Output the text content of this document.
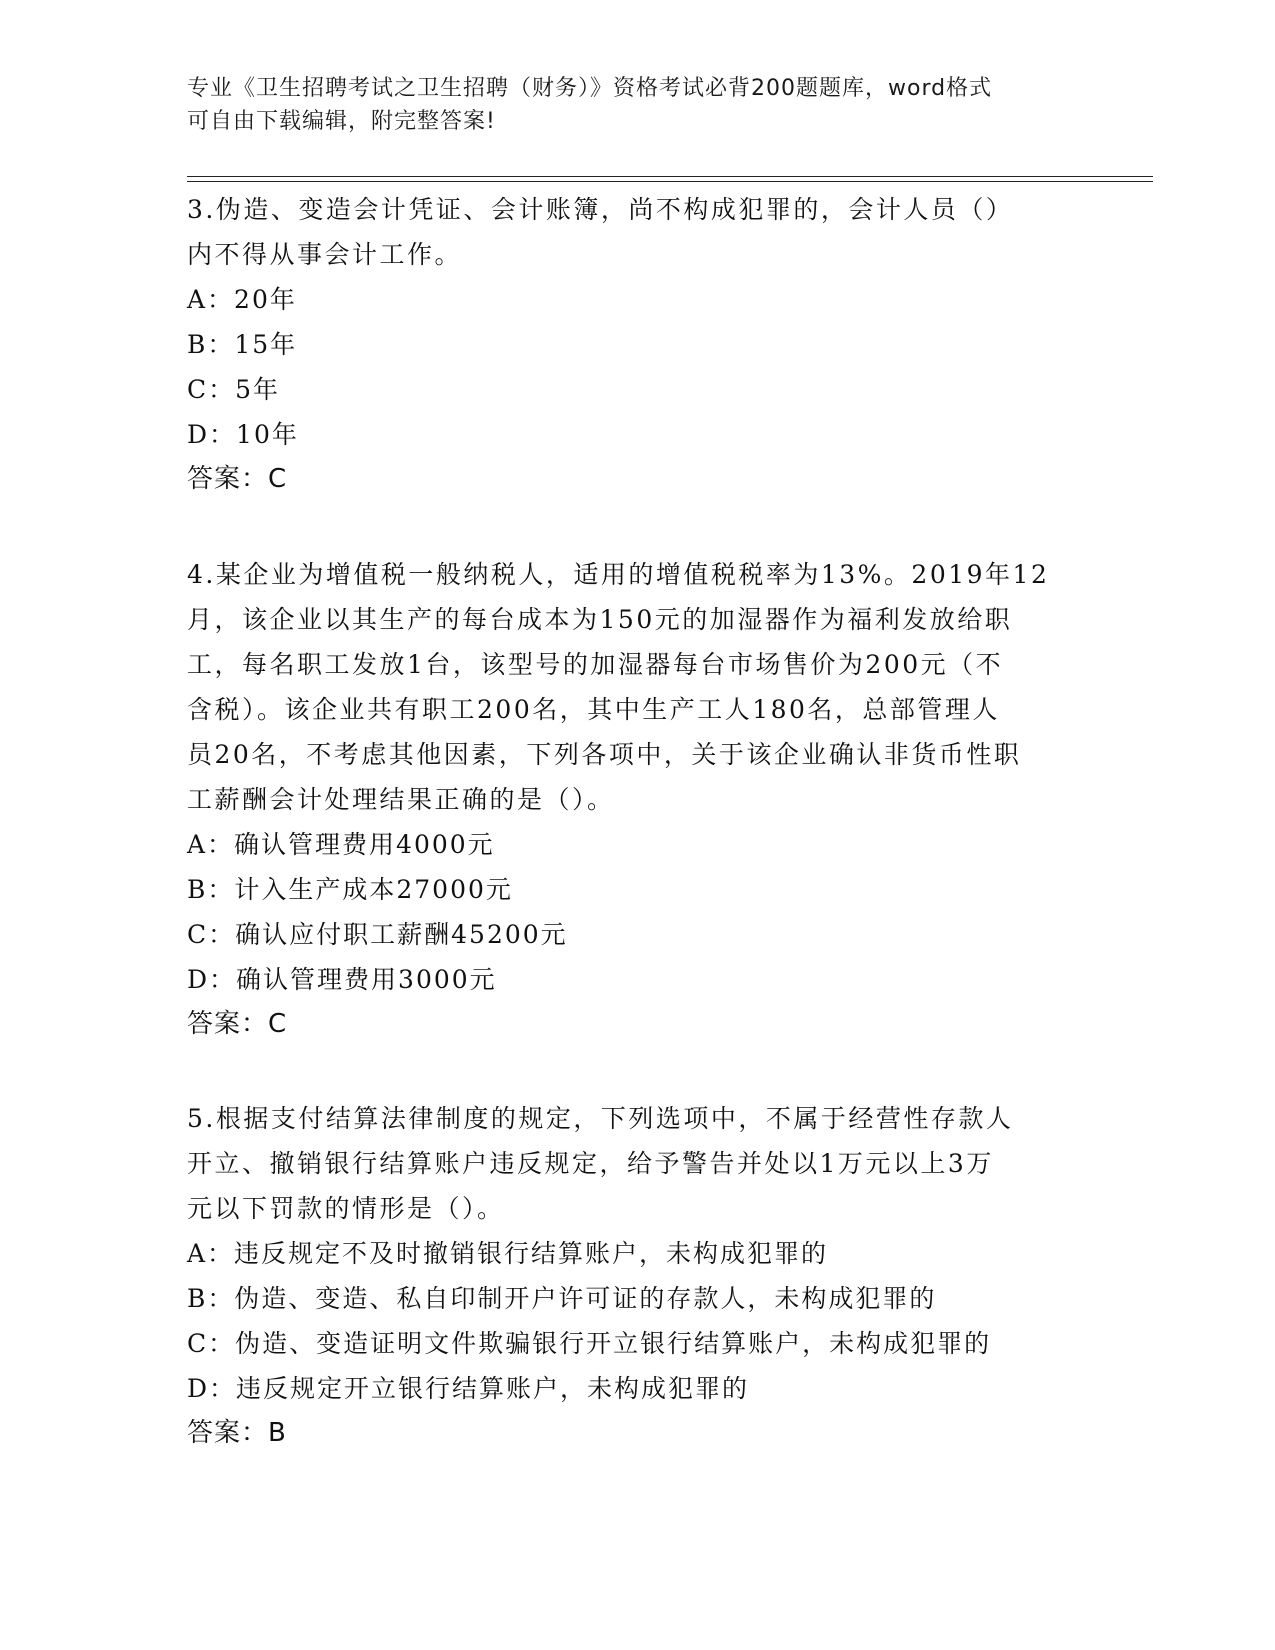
专业《卫生招聘考试之卫生招聘（财务）》资格考试必背200题题库，word格式
可自由下载编辑，附完整答案!

3.伪造、变造会计凭证、会计账簿，尚不构成犯罪的，会计人员（）

内不得从事会计工作。

A：20年

B：15年

C：5年

D：10年

答案：C

4.某企业为增值税一般纳税人，适用的增值税税率为13%。2019年12

月，该企业以其生产的每台成本为150元的加湿器作为福利发放给职

工，每名职工发放1台，该型号的加湿器每台市场售价为200元（不

含税）。该企业共有职工200名，其中生产工人180名，总部管理人

员20名，不考虑其他因素，下列各项中，关于该企业确认非货币性职

工薪酬会计处理结果正确的是（）。

A：确认管理费用4000元

B：计入生产成本27000元

C：确认应付职工薪酬45200元

D：确认管理费用3000元

答案：C

5.根据支付结算法律制度的规定，下列选项中，不属于经营性存款人

开立、撤销银行结算账户违反规定，给予警告并处以1万元以上3万

元以下罚款的情形是（）。

A：违反规定不及时撤销银行结算账户，未构成犯罪的

B：伪造、变造、私自印制开户许可证的存款人，未构成犯罪的

C：伪造、变造证明文件欺骗银行开立银行结算账户，未构成犯罪的

D：违反规定开立银行结算账户，未构成犯罪的

答案：B
